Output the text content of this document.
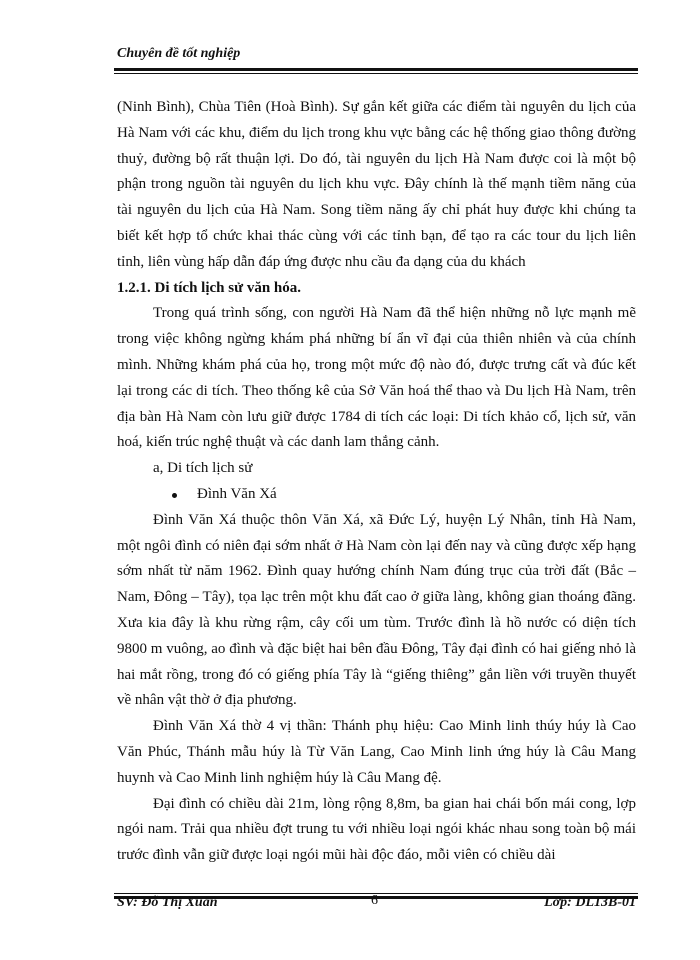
Chuyên đề tốt nghiệp

(Ninh Bình), Chùa Tiên (Hoà Bình). Sự gắn kết giữa các điểm tài nguyên du lịch của Hà Nam với các khu, điểm du lịch trong khu vực bằng các hệ thống giao thông đường thuỷ, đường bộ rất thuận lợi. Do đó, tài nguyên du lịch Hà Nam được coi là một bộ phận trong nguồn tài nguyên du lịch khu vực. Đây chính là thế mạnh tiềm năng của tài nguyên du lịch của Hà Nam. Song tiềm năng ấy chỉ phát huy được khi chúng ta biết kết hợp tổ chức khai thác cùng với các tỉnh bạn, để tạo ra các tour du lịch liên tỉnh, liên vùng hấp dẫn đáp ứng được nhu cầu đa dạng của du khách

1.2.1. Di tích lịch sử văn hóa.

Trong quá trình sống, con người Hà Nam đã thể hiện những nỗ lực mạnh mẽ trong việc không ngừng khám phá những bí ẩn vĩ đại của thiên nhiên và của chính mình. Những khám phá của họ, trong một mức độ nào đó, được trưng cất và đúc kết lại trong các di tích. Theo thống kê của Sở Văn hoá thể thao và Du lịch Hà Nam, trên địa bàn Hà Nam còn lưu giữ được 1784 di tích các loại: Di tích khảo cổ, lịch sử, văn hoá, kiến trúc nghệ thuật và các danh lam thắng cảnh.

a, Di tích lịch sử

Đình Văn Xá

Đình Văn Xá thuộc thôn Văn Xá, xã Đức Lý, huyện Lý Nhân, tỉnh Hà Nam, một ngôi đình có niên đại sớm nhất ở Hà Nam còn lại đến nay và cũng được xếp hạng sớm nhất từ năm 1962. Đình quay hướng chính Nam đúng trục của trời đất (Bắc – Nam, Đông – Tây), tọa lạc trên một khu đất cao ở giữa làng, không gian thoáng đãng. Xưa kia đây là khu rừng rậm, cây cối um tùm. Trước đình là hồ nước có diện tích 9800 m vuông, ao đình và đặc biệt hai bên đầu Đông, Tây đại đình có hai giếng nhỏ là hai mắt rồng, trong đó có giếng phía Tây là “giếng thiêng” gắn liền với truyền thuyết về nhân vật thờ ở địa phương.

Đình Văn Xá thờ 4 vị thần: Thánh phụ hiệu: Cao Minh linh thúy húy là Cao Văn Phúc, Thánh mẫu húy là Từ Văn Lang, Cao Minh linh ứng húy là Câu Mang huynh và Cao Minh linh nghiệm húy là Câu Mang đệ.

Đại đình có chiều dài 21m, lòng rộng 8,8m, ba gian hai chái bốn mái cong, lợp ngói nam. Trải qua nhiều đợt trung tu với nhiều loại ngói khác nhau song toàn bộ mái trước đình vẫn giữ được loại ngói mũi hài độc đáo, mỗi viên có chiều dài

SV: Đỗ Thị Xuân	6	Lớp: DL13B-01
